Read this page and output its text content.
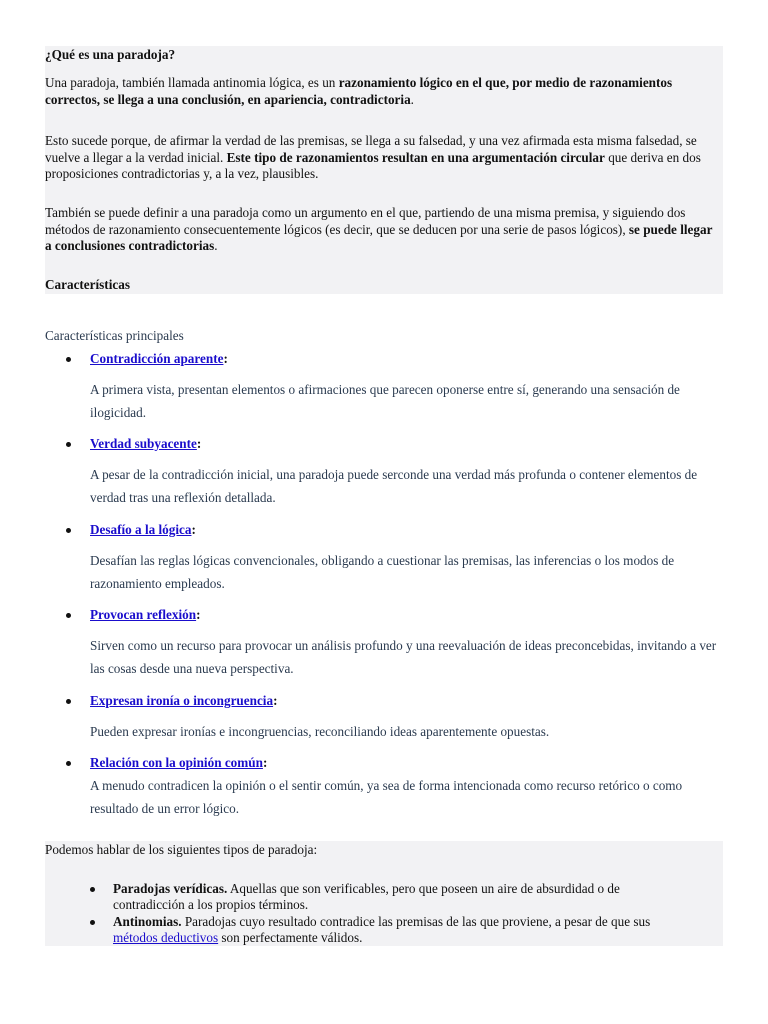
¿Qué es una paradoja?

Una paradoja, también llamada antinomia lógica, es un razonamiento lógico en el que, por medio de razonamientos correctos, se llega a una conclusión, en apariencia, contradictoria.

Esto sucede porque, de afirmar la verdad de las premisas, se llega a su falsedad, y una vez afirmada esta misma falsedad, se vuelve a llegar a la verdad inicial. Este tipo de razonamientos resultan en una argumentación circular que deriva en dos proposiciones contradictorias y, a la vez, plausibles.

También se puede definir a una paradoja como un argumento en el que, partiendo de una misma premisa, y siguiendo dos métodos de razonamiento consecuentemente lógicos (es decir, que se deducen por una serie de pasos lógicos), se puede llegar a conclusiones contradictorias.

Características

Características principales

Contradicción aparente:

A primera vista, presentan elementos o afirmaciones que parecen oponerse entre sí, generando una sensación de ilogicidad.

Verdad subyacente:

A pesar de la contradicción inicial, una paradoja puede serconde una verdad más profunda o contener elementos de verdad tras una reflexión detallada.

Desafío a la lógica:

Desafían las reglas lógicas convencionales, obligando a cuestionar las premisas, las inferencias o los modos de razonamiento empleados.

Provocan reflexión:

Sirven como un recurso para provocar un análisis profundo y una reevaluación de ideas preconcebidas, invitando a ver las cosas desde una nueva perspectiva.

Expresan ironía o incongruencia:

Pueden expresar ironías e incongruencias, reconciliando ideas aparentemente opuestas.

Relación con la opinión común:

A menudo contradicen la opinión o el sentir común, ya sea de forma intencionada como recurso retórico o como resultado de un error lógico.

Podemos hablar de los siguientes tipos de paradoja:

Paradojas verídicas. Aquellas que son verificables, pero que poseen un aire de absurdidad o de contradicción a los propios términos.

Antinomias. Paradojas cuyo resultado contradice las premisas de las que proviene, a pesar de que sus métodos deductivos son perfectamente válidos.
